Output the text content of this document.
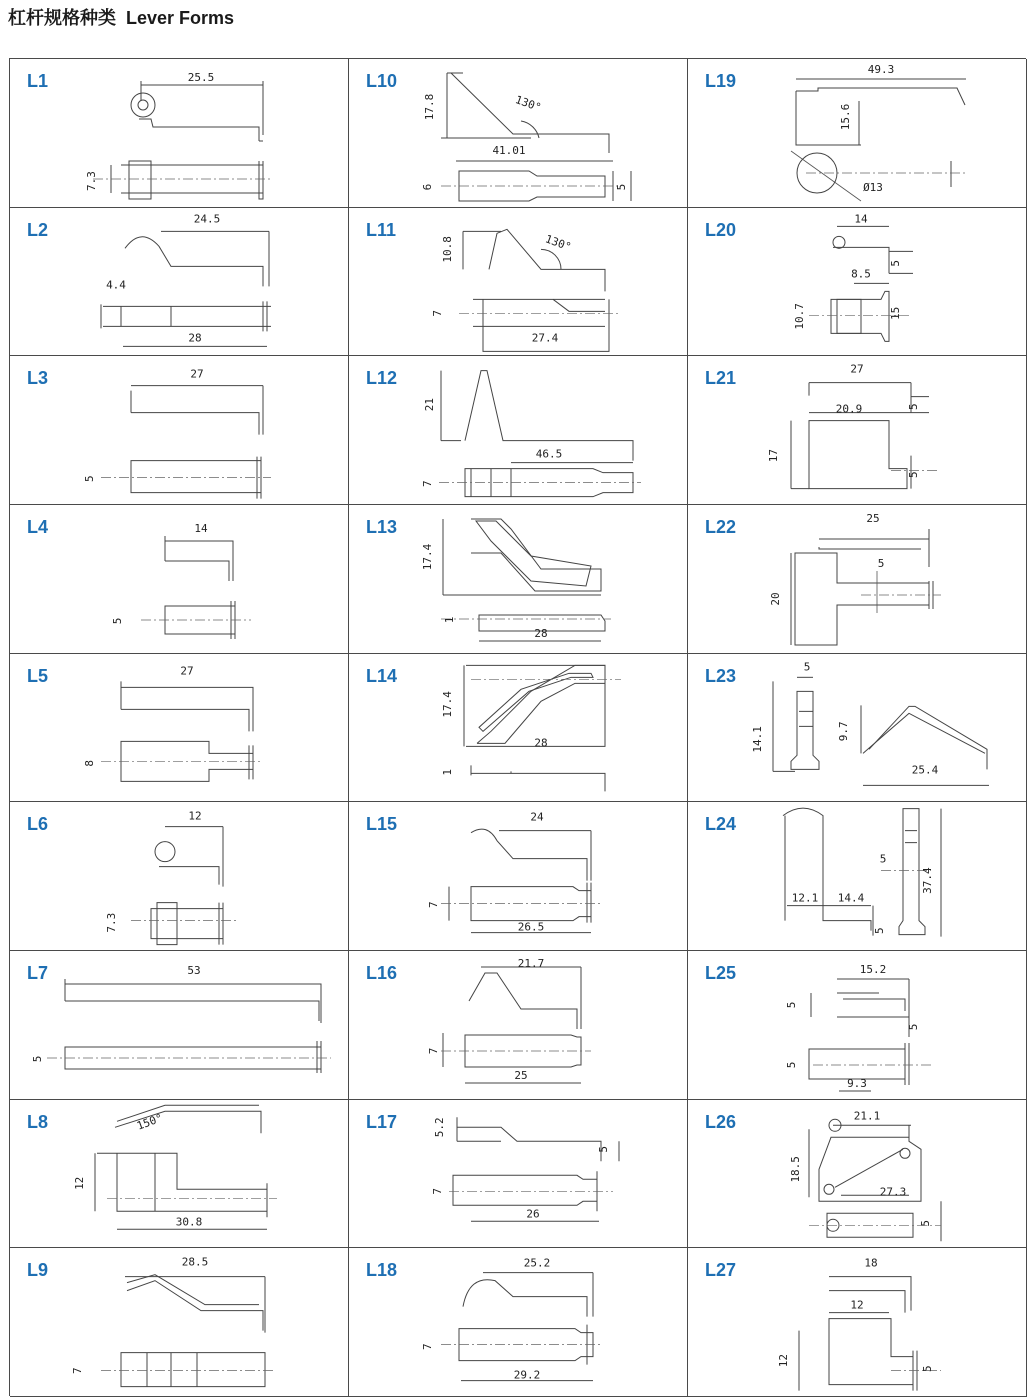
杠杆规格种类 Lever Forms
L1	25.5
7.3
L10
17.8	130°
41.01
6	5
L19
49.3
15.6
Ø13
L2
24.5
4.4
28
L11
10.8	130°
7
27.4
L20
14
5
8.5
10.7	15
L3	27
5
L12
21
46.5
7
L21	27
5
20.9
17
5
L4	14
5
L13
17.4
1
28
L22	25
5
20
L5	27
8
L14
17.4
28
1
L23	5
14.1	9.7
25.4
L6	12
7.3
L15	24
7
26.5
L24
5
37.4
12.1 14.4
5
L7	53
5
L16	21.7
7
25
L25	15.2
5
5
5
9.3
L8	150°
12
30.8
L17	5.2
5
7
26
L26	21.1
18.5
27.3
5
L9	28.5
7
L18	25.2
7
29.2
L27	18
12
12
5
